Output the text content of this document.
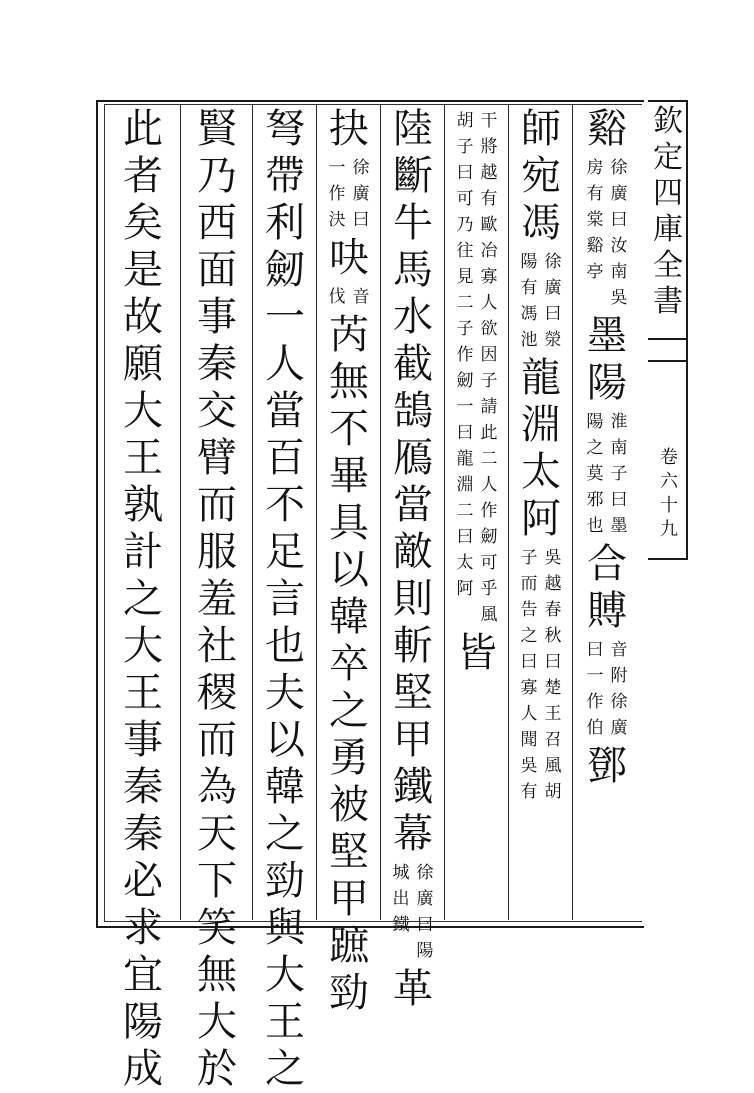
欽
定
四
庫
全
書
卷
六
十
九
谿
徐
廣
曰
汝
南
吳
房
有
棠
谿
亭
墨
陽
淮
南
子
曰
墨
陽
之
莫
邪
也
合
賻
音
附
徐
廣
曰
一
作
伯
鄧
師
宛
馮
徐
廣
曰
滎
陽
有
馮
池
龍
淵
太
阿
吳
越
春
秋
曰
楚
王
召
風
胡
子
而
告
之
曰
寡
人
聞
吳
有
干
將
越
有
歐
冶
寡
人
欲
因
子
請
此
二
人
作
劒
可
乎
風
胡
子
曰
可
乃
往
見
二
子
作
劒
一
曰
龍
淵
二
曰
太
阿
皆
陸
斷
牛
馬
水
截
鵠
鴈
當
敵
則
斬
堅
甲
鐵
幕
徐
廣
曰
陽
城
出
鐵
革
抉
徐
廣
曰
一
作
決
吷
音
伐
芮
無
不
畢
具
以
韓
卒
之
勇
被
堅
甲
蹠
勁
弩
帶
利
劒
一
人
當
百
不
足
言
也
夫
以
韓
之
勁
與
大
王
之
賢
乃
西
面
事
秦
交
臂
而
服
羞
社
稷
而
為
天
下
笑
無
大
於
此
者
矣
是
故
願
大
王
孰
計
之
大
王
事
秦
秦
必
求
宜
陽
成
